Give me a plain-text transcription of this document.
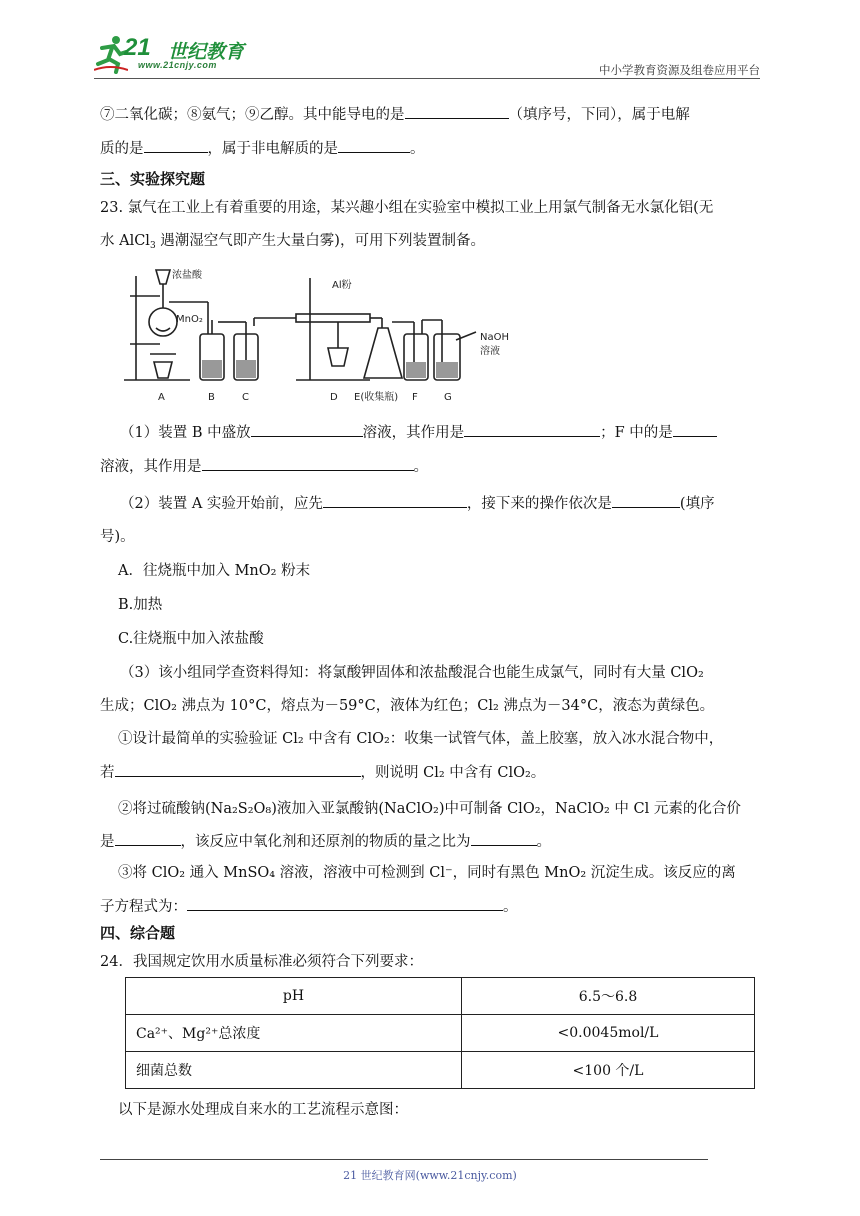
21 世纪教育
www.21cnjy.com	中小学教育资源及组卷应用平台
⑦二氧化碳；⑧氨气；⑨乙醇。其中能导电的是	（填序号，下同），属于电解
质的是	，属于非电解质的是	。
三、实验探究题
23. 氯气在工业上有着重要的用途，某兴趣小组在实验室中模拟工业上用氯气制备无水氯化铝(无
水 AlCl$_3$ 遇潮湿空气即产生大量白雾)，可用下列装置制备。
浓盐酸
MnO₂
Al粉
NaOH
溶液
A	B	C	D E(收集瓶) F	G
（1）装置 B 中盛放	溶液，其作用是	；F 中的是
溶液，其作用是	。
（2）装置 A 实验开始前，应先	，接下来的操作依次是	(填序
号)。
A．往烧瓶中加入 MnO₂ 粉末
B.加热
C.往烧瓶中加入浓盐酸
（3）该小组同学查资料得知：将氯酸钾固体和浓盐酸混合也能生成氯气，同时有大量 ClO₂
生成；ClO₂ 沸点为 10°C，熔点为－59°C，液体为红色；Cl₂ 沸点为－34°C，液态为黄绿色。
①设计最简单的实验验证 Cl₂ 中含有 ClO₂：收集一试管气体，盖上胶塞，放入冰水混合物中，
若	，则说明 Cl₂ 中含有 ClO₂。
②将过硫酸钠(Na₂S₂O₈)液加入亚氯酸钠(NaClO₂)中可制备 ClO₂，NaClO₂ 中 Cl 元素的化合价
是	，该反应中氧化剂和还原剂的物质的量之比为	。
③将 ClO₂ 通入 MnSO₄ 溶液，溶液中可检测到 Cl⁻，同时有黑色 MnO₂ 沉淀生成。该反应的离
子方程式为：	。
四、综合题
24．我国规定饮用水质量标准必须符合下列要求：
pH	6.5～6.8
Ca²⁺、Mg²⁺总浓度	<0.0045mol/L
细菌总数	<100 个/L
以下是源水处理成自来水的工艺流程示意图：
21 世纪教育网(www.21cnjy.com)
